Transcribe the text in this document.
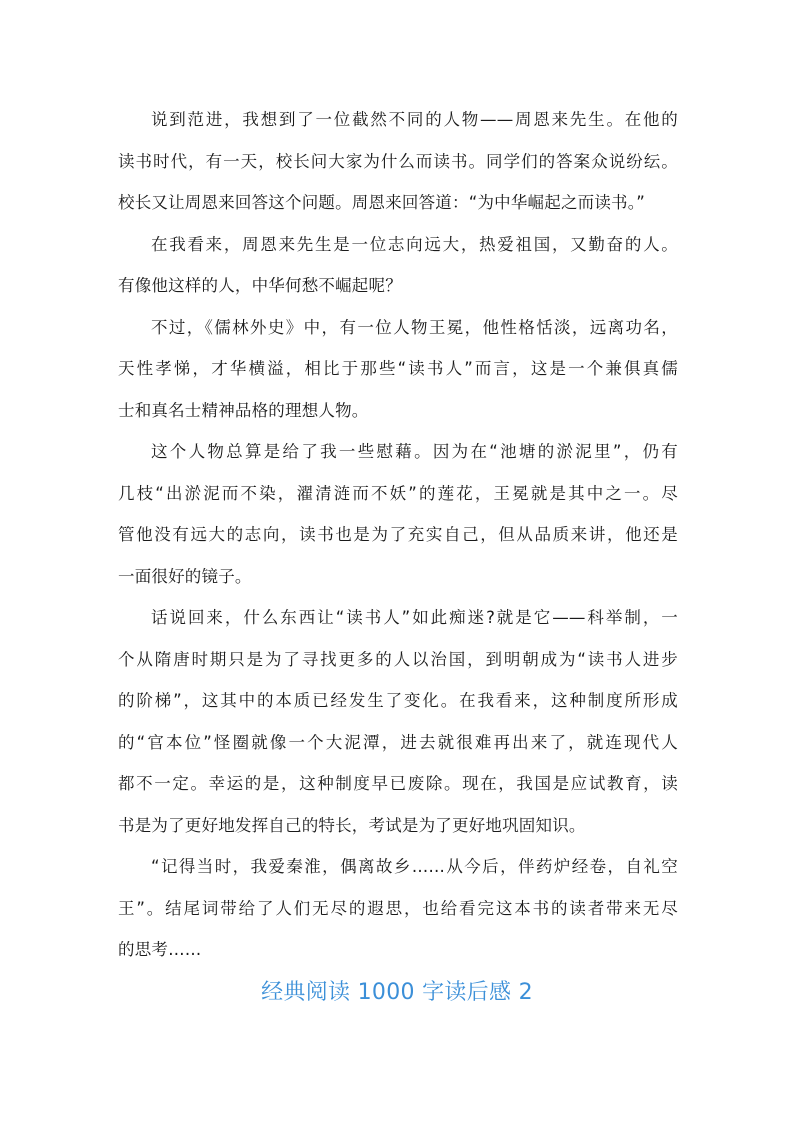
说到范进，我想到了一位截然不同的人物——周恩来先生。在他的
读书时代，有一天，校长问大家为什么而读书。同学们的答案众说纷纭。
校长又让周恩来回答这个问题。周恩来回答道：“为中华崛起之而读书。”
在我看来，周恩来先生是一位志向远大，热爱祖国，又勤奋的人。
有像他这样的人，中华何愁不崛起呢？
不过，《儒林外史》中，有一位人物王冕，他性格恬淡，远离功名，
天性孝悌，才华横溢，相比于那些“读书人”而言，这是一个兼俱真儒
士和真名士精神品格的理想人物。
这个人物总算是给了我一些慰藉。因为在“池塘的淤泥里”，仍有
几枝“出淤泥而不染，濯清涟而不妖”的莲花，王冕就是其中之一。尽
管他没有远大的志向，读书也是为了充实自己，但从品质来讲，他还是
一面很好的镜子。
话说回来，什么东西让“读书人”如此痴迷?就是它——科举制，一
个从隋唐时期只是为了寻找更多的人以治国，到明朝成为“读书人进步
的阶梯”，这其中的本质已经发生了变化。在我看来，这种制度所形成
的“官本位”怪圈就像一个大泥潭，进去就很难再出来了，就连现代人
都不一定。幸运的是，这种制度早已废除。现在，我国是应试教育，读
书是为了更好地发挥自己的特长，考试是为了更好地巩固知识。
“记得当时，我爱秦淮，偶离故乡……从今后，伴药炉经卷，自礼空
王”。结尾词带给了人们无尽的遐思，也给看完这本书的读者带来无尽
的思考……
经典阅读 1000 字读后感 2
